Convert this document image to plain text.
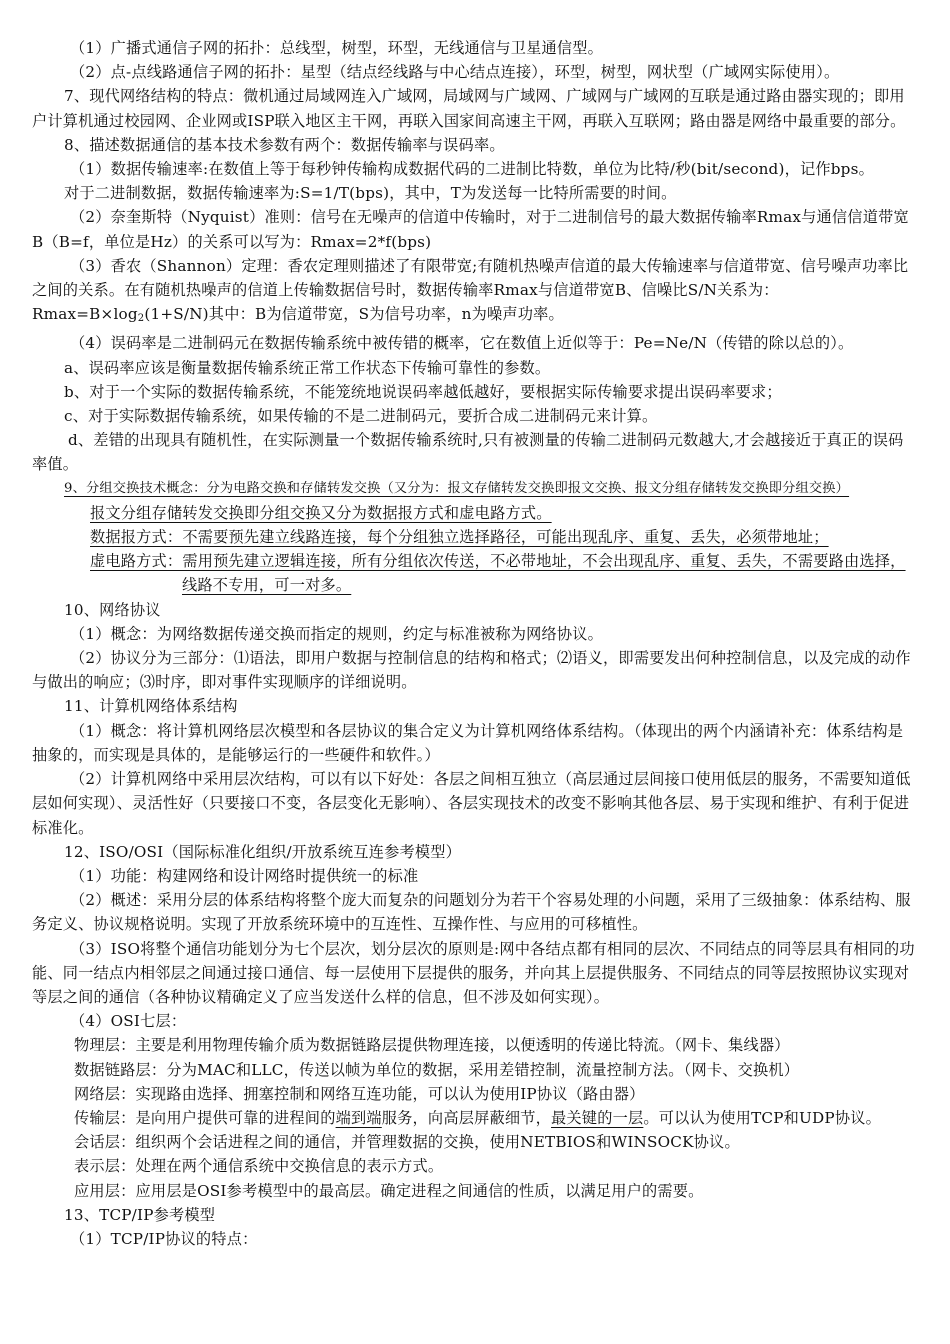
（1）广播式通信子网的拓扑：总线型，树型，环型，无线通信与卫星通信型。

（2）点-点线路通信子网的拓扑：星型（结点经线路与中心结点连接），环型，树型，网状型（广域网实际使用）。

7、现代网络结构的特点：微机通过局域网连入广域网，局域网与广域网、广域网与广域网的互联是通过路由器实现的；即用户计算机通过校园网、企业网或ISP联入地区主干网，再联入国家间高速主干网，再联入互联网；路由器是网络中最重要的部分。

8、描述数据通信的基本技术参数有两个：数据传输率与误码率。

（1）数据传输速率:在数值上等于每秒钟传输构成数据代码的二进制比特数，单位为比特/秒(bit/second)，记作bps。

对于二进制数据，数据传输速率为:S=1/T(bps)，其中，T为发送每一比特所需要的时间。

（2）奈奎斯特（Nyquist）准则：信号在无噪声的信道中传输时，对于二进制信号的最大数据传输率Rmax与通信信道带宽B（B=f，单位是Hz）的关系可以写为：Rmax=2*f(bps)

（3）香农（Shannon）定理：香农定理则描述了有限带宽;有随机热噪声信道的最大传输速率与信道带宽、信号噪声功率比之间的关系。在有随机热噪声的信道上传输数据信号时，数据传输率Rmax与信道带宽B、信噪比S/N关系为：$Rmax=B\times\log_2(1+S/N)$其中：B为信道带宽，S为信号功率，n为噪声功率。

（4）误码率是二进制码元在数据传输系统中被传错的概率，它在数值上近似等于：Pe=Ne/N（传错的除以总的）。

a、误码率应该是衡量数据传输系统正常工作状态下传输可靠性的参数。

b、对于一个实际的数据传输系统，不能笼统地说误码率越低越好，要根据实际传输要求提出误码率要求；

c、对于实际数据传输系统，如果传输的不是二进制码元，要折合成二进制码元来计算。

d、差错的出现具有随机性，在实际测量一个数据传输系统时,只有被测量的传输二进制码元数越大,才会越接近于真正的误码率值。

9、分组交换技术概念：分为电路交换和存储转发交换（又分为：报文存储转发交换即报文交换、报文分组存储转发交换即分组交换）

报文分组存储转发交换即分组交换又分为数据报方式和虚电路方式。

数据报方式：不需要预先建立线路连接，每个分组独立选择路径，可能出现乱序、重复、丢失，必须带地址；

虚电路方式：需用预先建立逻辑连接，所有分组依次传送，不必带地址，不会出现乱序、重复、丢失，不需要路由选择，线路不专用，可一对多。

10、网络协议

（1）概念：为网络数据传递交换而指定的规则，约定与标准被称为网络协议。

（2）协议分为三部分：⑴语法，即用户数据与控制信息的结构和格式；⑵语义，即需要发出何种控制信息，以及完成的动作与做出的响应；⑶时序，即对事件实现顺序的详细说明。

11、计算机网络体系结构

（1）概念：将计算机网络层次模型和各层协议的集合定义为计算机网络体系结构。（体现出的两个内涵请补充：体系结构是抽象的，而实现是具体的，是能够运行的一些硬件和软件。）

（2）计算机网络中采用层次结构，可以有以下好处：各层之间相互独立（高层通过层间接口使用低层的服务，不需要知道低层如何实现）、灵活性好（只要接口不变，各层变化无影响）、各层实现技术的改变不影响其他各层、易于实现和维护、有利于促进标准化。

12、ISO/OSI（国际标准化组织/开放系统互连参考模型）

（1）功能：构建网络和设计网络时提供统一的标准

（2）概述：采用分层的体系结构将整个庞大而复杂的问题划分为若干个容易处理的小问题，采用了三级抽象：体系结构、服务定义、协议规格说明。实现了开放系统环境中的互连性、互操作性、与应用的可移植性。

（3）ISO将整个通信功能划分为七个层次，划分层次的原则是:网中各结点都有相同的层次、不同结点的同等层具有相同的功能、同一结点内相邻层之间通过接口通信、每一层使用下层提供的服务，并向其上层提供服务、不同结点的同等层按照协议实现对等层之间的通信（各种协议精确定义了应当发送什么样的信息，但不涉及如何实现）。

（4）OSI七层：

物理层：主要是利用物理传输介质为数据链路层提供物理连接，以便透明的传递比特流。（网卡、集线器）

数据链路层：分为MAC和LLC，传送以帧为单位的数据，采用差错控制，流量控制方法。（网卡、交换机）

网络层：实现路由选择、拥塞控制和网络互连功能，可以认为使用IP协议（路由器）

传输层：是向用户提供可靠的进程间的端到端服务，向高层屏蔽细节，最关键的一层。可以认为使用TCP和UDP协议。

会话层：组织两个会话进程之间的通信，并管理数据的交换，使用NETBIOS和WINSOCK协议。

表示层：处理在两个通信系统中交换信息的表示方式。

应用层：应用层是OSI参考模型中的最高层。确定进程之间通信的性质，以满足用户的需要。

13、TCP/IP参考模型

（1）TCP/IP协议的特点：
